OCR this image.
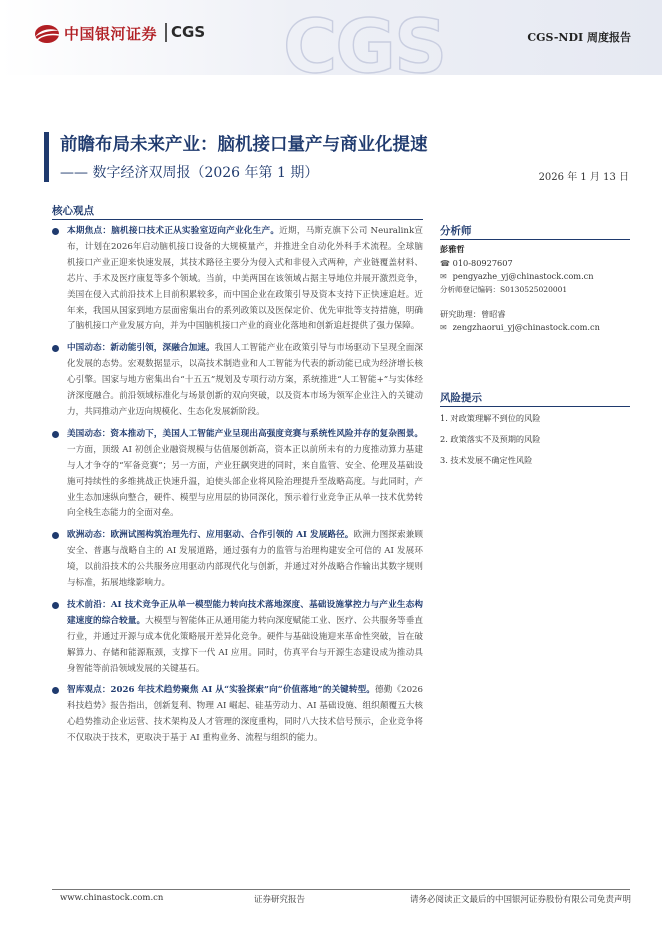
CGS
中国银河证券 CGS	CGS-NDI 周度报告
前瞻布局未来产业：脑机接口量产与商业化提速
—— 数字经济双周报（2026 年第 1 期）	2026 年 1 月 13 日
核心观点
本期焦点：脑机接口技术正从实验室迈向产业化生产。近期，马斯克旗下公司 Neuralink宣布，计划在2026年启动脑机接口设备的大规模量产，并推进全自动化外科手术流程。全球脑机接口产业正迎来快速发展，其技术路径主要分为侵入式和非侵入式两种，产业链覆盖材料、芯片、手术及医疗康复等多个领域。当前，中美两国在该领域占据主导地位并展开激烈竞争，美国在侵入式前沿技术上目前积累较多，而中国企业在政策引导及资本支持下正快速追赶。近年来，我国从国家到地方层面密集出台的系列政策以及医保定价、优先审批等支持措施，明确了脑机接口产业发展方向，并为中国脑机接口产业的商业化落地和创新追赶提供了强力保障。
中国动态：新动能引领，深融合加速。我国人工智能产业在政策引导与市场驱动下呈现全面深化发展的态势。宏观数据显示，以高技术制造业和人工智能为代表的新动能已成为经济增长核心引擎。国家与地方密集出台“十五五”规划及专项行动方案，系统推进“人工智能+”与实体经济深度融合。前沿领域标准化与场景创新的双向突破，以及资本市场为领军企业注入的关键动力，共同推动产业迈向规模化、生态化发展新阶段。
美国动态：资本推动下，美国人工智能产业呈现出高强度竞赛与系统性风险并存的复杂图景。一方面，顶级 AI 初创企业融资规模与估值屡创新高，资本正以前所未有的力度推动算力基建与人才争夺的“军备竞赛”；另一方面，产业狂飙突进的同时，来自监管、安全、伦理及基础设施可持续性的多维挑战正快速升温，迫使头部企业将风险治理提升至战略高度。与此同时，产业生态加速纵向整合，硬件、模型与应用层的协同深化，预示着行业竞争正从单一技术优势转向全栈生态能力的全面对垒。
欧洲动态：欧洲试图构筑治理先行、应用驱动、合作引领的 AI 发展路径。欧洲力图探索兼顾安全、普惠与战略自主的 AI 发展道路，通过强有力的监管与治理构建安全可信的 AI 发展环境，以前沿技术的公共服务应用驱动内部现代化与创新，并通过对外战略合作输出其数字规则与标准，拓展地缘影响力。
技术前沿：AI 技术竞争正从单一模型能力转向技术落地深度、基础设施掌控力与产业生态构建速度的综合较量。大模型与智能体正从通用能力转向深度赋能工业、医疗、公共服务等垂直行业，并通过开源与成本优化策略展开差异化竞争。硬件与基础设施迎来革命性突破，旨在破解算力、存储和能源瓶颈，支撑下一代 AI 应用。同时，仿真平台与开源生态建设成为推动具身智能等前沿领域发展的关键基石。
智库观点：2026 年技术趋势聚焦 AI 从“实验探索”向“价值落地”的关键转型。德勤《2026科技趋势》报告指出，创新复利、物理 AI 崛起、硅基劳动力、AI 基础设施、组织颠覆五大核心趋势推动企业运营、技术架构及人才管理的深度重构，同时八大技术信号预示，企业竞争将不仅取决于技术，更取决于基于 AI 重构业务、流程与组织的能力。
分析师
彭雅哲
☎ 010-80927607
✉ pengyazhe_yj@chinastock.com.cn
分析师登记编码：S0130525020001
研究助理：曾昭睿
✉ zengzhaorui_yj@chinastock.com.cn
风险提示
1. 对政策理解不到位的风险
2. 政策落实不及预期的风险
3. 技术发展不确定性风险
www.chinastock.com.cn	证券研究报告	请务必阅读正文最后的中国银河证券股份有限公司免责声明
